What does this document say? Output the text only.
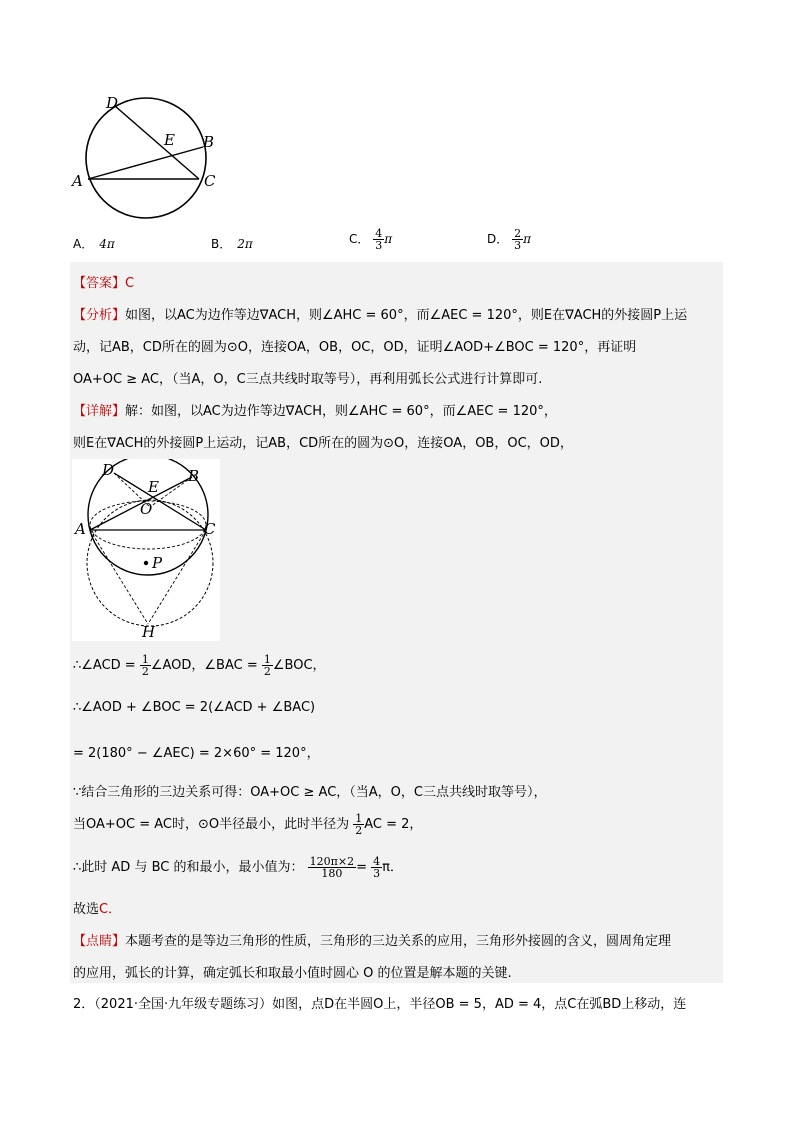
D
E B
A	C
A． 4π	B． 2π	C． $\frac{4}{3}$ π	D． $\frac{2}{3}$ π
【答案】C
【分析】如图，以AC为边作等边∇ACH，则∠AHC = 60°，而∠AEC = 120°，则E在∇ACH的外接圆P上运
动，记AB，CD所在的圆为⊙O，连接OA，OB，OC，OD，证明∠AOD+∠BOC = 120°，再证明
OA+OC ≥ AC，（当A，O，C三点共线时取等号），再利用弧长公式进行计算即可.
【详解】解：如图，以AC为边作等边∇ACH，则∠AHC = 60°，而∠AEC = 120°，
则E在∇ACH的外接圆P上运动，记AB，CD所在的圆为⊙O，连接OA，OB，OC，OD，
D
E
B
O
A	C
P
H
∴∠ACD = $\frac{1}{2}$ ∠AOD，∠BAC = $\frac{1}{2}$ ∠BOC，
∴∠AOD + ∠BOC = 2(∠ACD + ∠BAC)
= 2(180° − ∠AEC) = 2×60° = 120°，
∵结合三角形的三边关系可得：OA+OC ≥ AC，（当A，O，C三点共线时取等号），
当OA+OC = AC时，⊙O半径最小，此时半径为 $\frac{1}{2}$ AC = 2，
∴此时 AD 与 BC 的和最小，最小值为： $\frac{120\pi\times 2}{180} = \frac{4}{3}$ π．
故选C．
【点睛】本题考查的是等边三角形的性质，三角形的三边关系的应用，三角形外接圆的含义，圆周角定理
的应用，弧长的计算，确定弧长和取最小值时圆心 O 的位置是解本题的关键.
2．（2021·全国·九年级专题练习）如图，点D在半圆O上，半径OB = 5，AD = 4，点C在弧BD上移动，连
